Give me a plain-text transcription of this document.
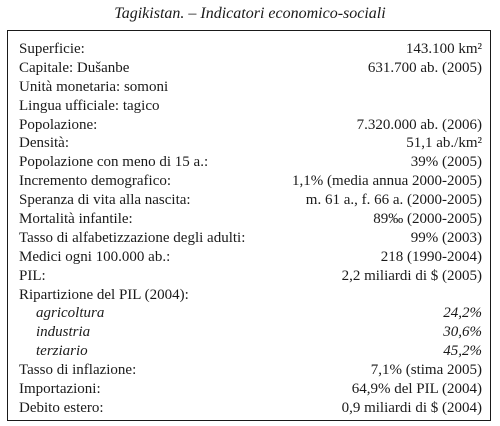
Tagikistan. – Indicatori economico-sociali
Superficie:	143.100 km²
Capitale: Dušanbe	631.700 ab. (2005)
Unità monetaria: somoni
Lingua ufficiale: tagico
Popolazione:	7.320.000 ab. (2006)
Densità:	51,1 ab./km²
Popolazione con meno di 15 a.:	39% (2005)
Incremento demografico:	1,1% (media annua 2000-2005)
Speranza di vita alla nascita:	m. 61 a., f. 66 a. (2000-2005)
Mortalità infantile:	89‰ (2000-2005)
Tasso di alfabetizzazione degli adulti:	99% (2003)
Medici ogni 100.000 ab.:	218 (1990-2004)
PIL:	2,2 miliardi di $ (2005)
Ripartizione del PIL (2004):
agricoltura	24,2%
industria	30,6%
terziario	45,2%
Tasso di inflazione:	7,1% (stima 2005)
Importazioni:	64,9% del PIL (2004)
Debito estero:	0,9 miliardi di $ (2004)
